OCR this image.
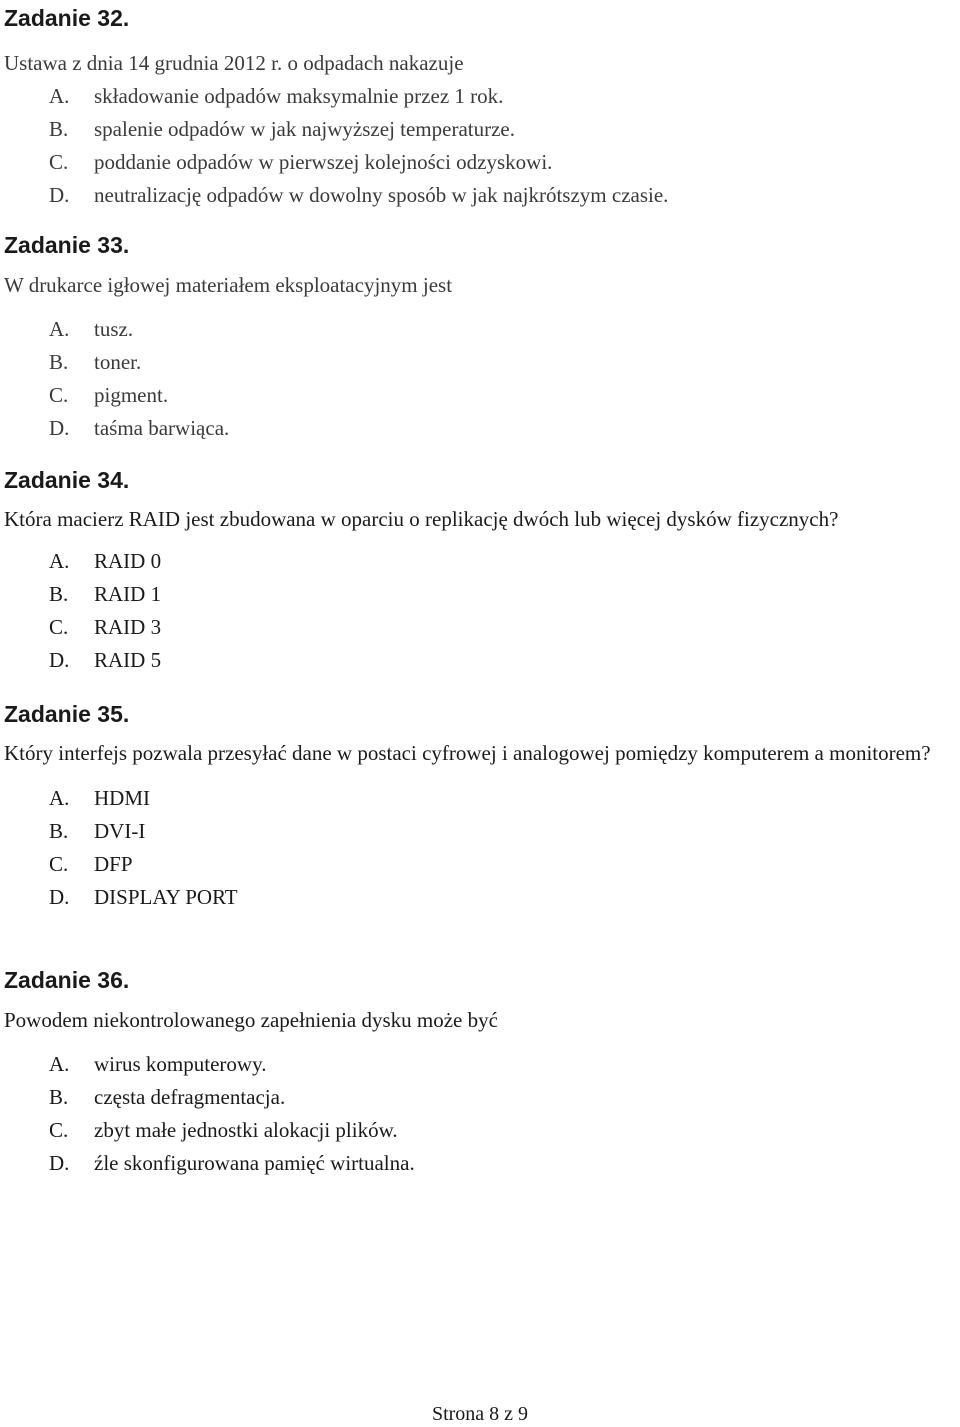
Zadanie 32.

Ustawa z dnia 14 grudnia 2012 r. o odpadach nakazuje

A. składowanie odpadów maksymalnie przez 1 rok.
B. spalenie odpadów w jak najwyższej temperaturze.
C. poddanie odpadów w pierwszej kolejności odzyskowi.
D. neutralizację odpadów w dowolny sposób w jak najkrótszym czasie.
Zadanie 33.

W drukarce igłowej materiałem eksploatacyjnym jest

A. tusz.
B. toner.
C. pigment.
D. taśma barwiąca.
Zadanie 34.

Która macierz RAID jest zbudowana w oparciu o replikację dwóch lub więcej dysków fizycznych?

A. RAID 0
B. RAID 1
C. RAID 3
D. RAID 5
Zadanie 35.

Który interfejs pozwala przesyłać dane w postaci cyfrowej i analogowej pomiędzy komputerem a monitorem?

A. HDMI
B. DVI-I
C. DFP
D. DISPLAY PORT
Zadanie 36.

Powodem niekontrolowanego zapełnienia dysku może być

A. wirus komputerowy.
B. częsta defragmentacja.
C. zbyt małe jednostki alokacji plików.
D. źle skonfigurowana pamięć wirtualna.
Strona 8 z 9
